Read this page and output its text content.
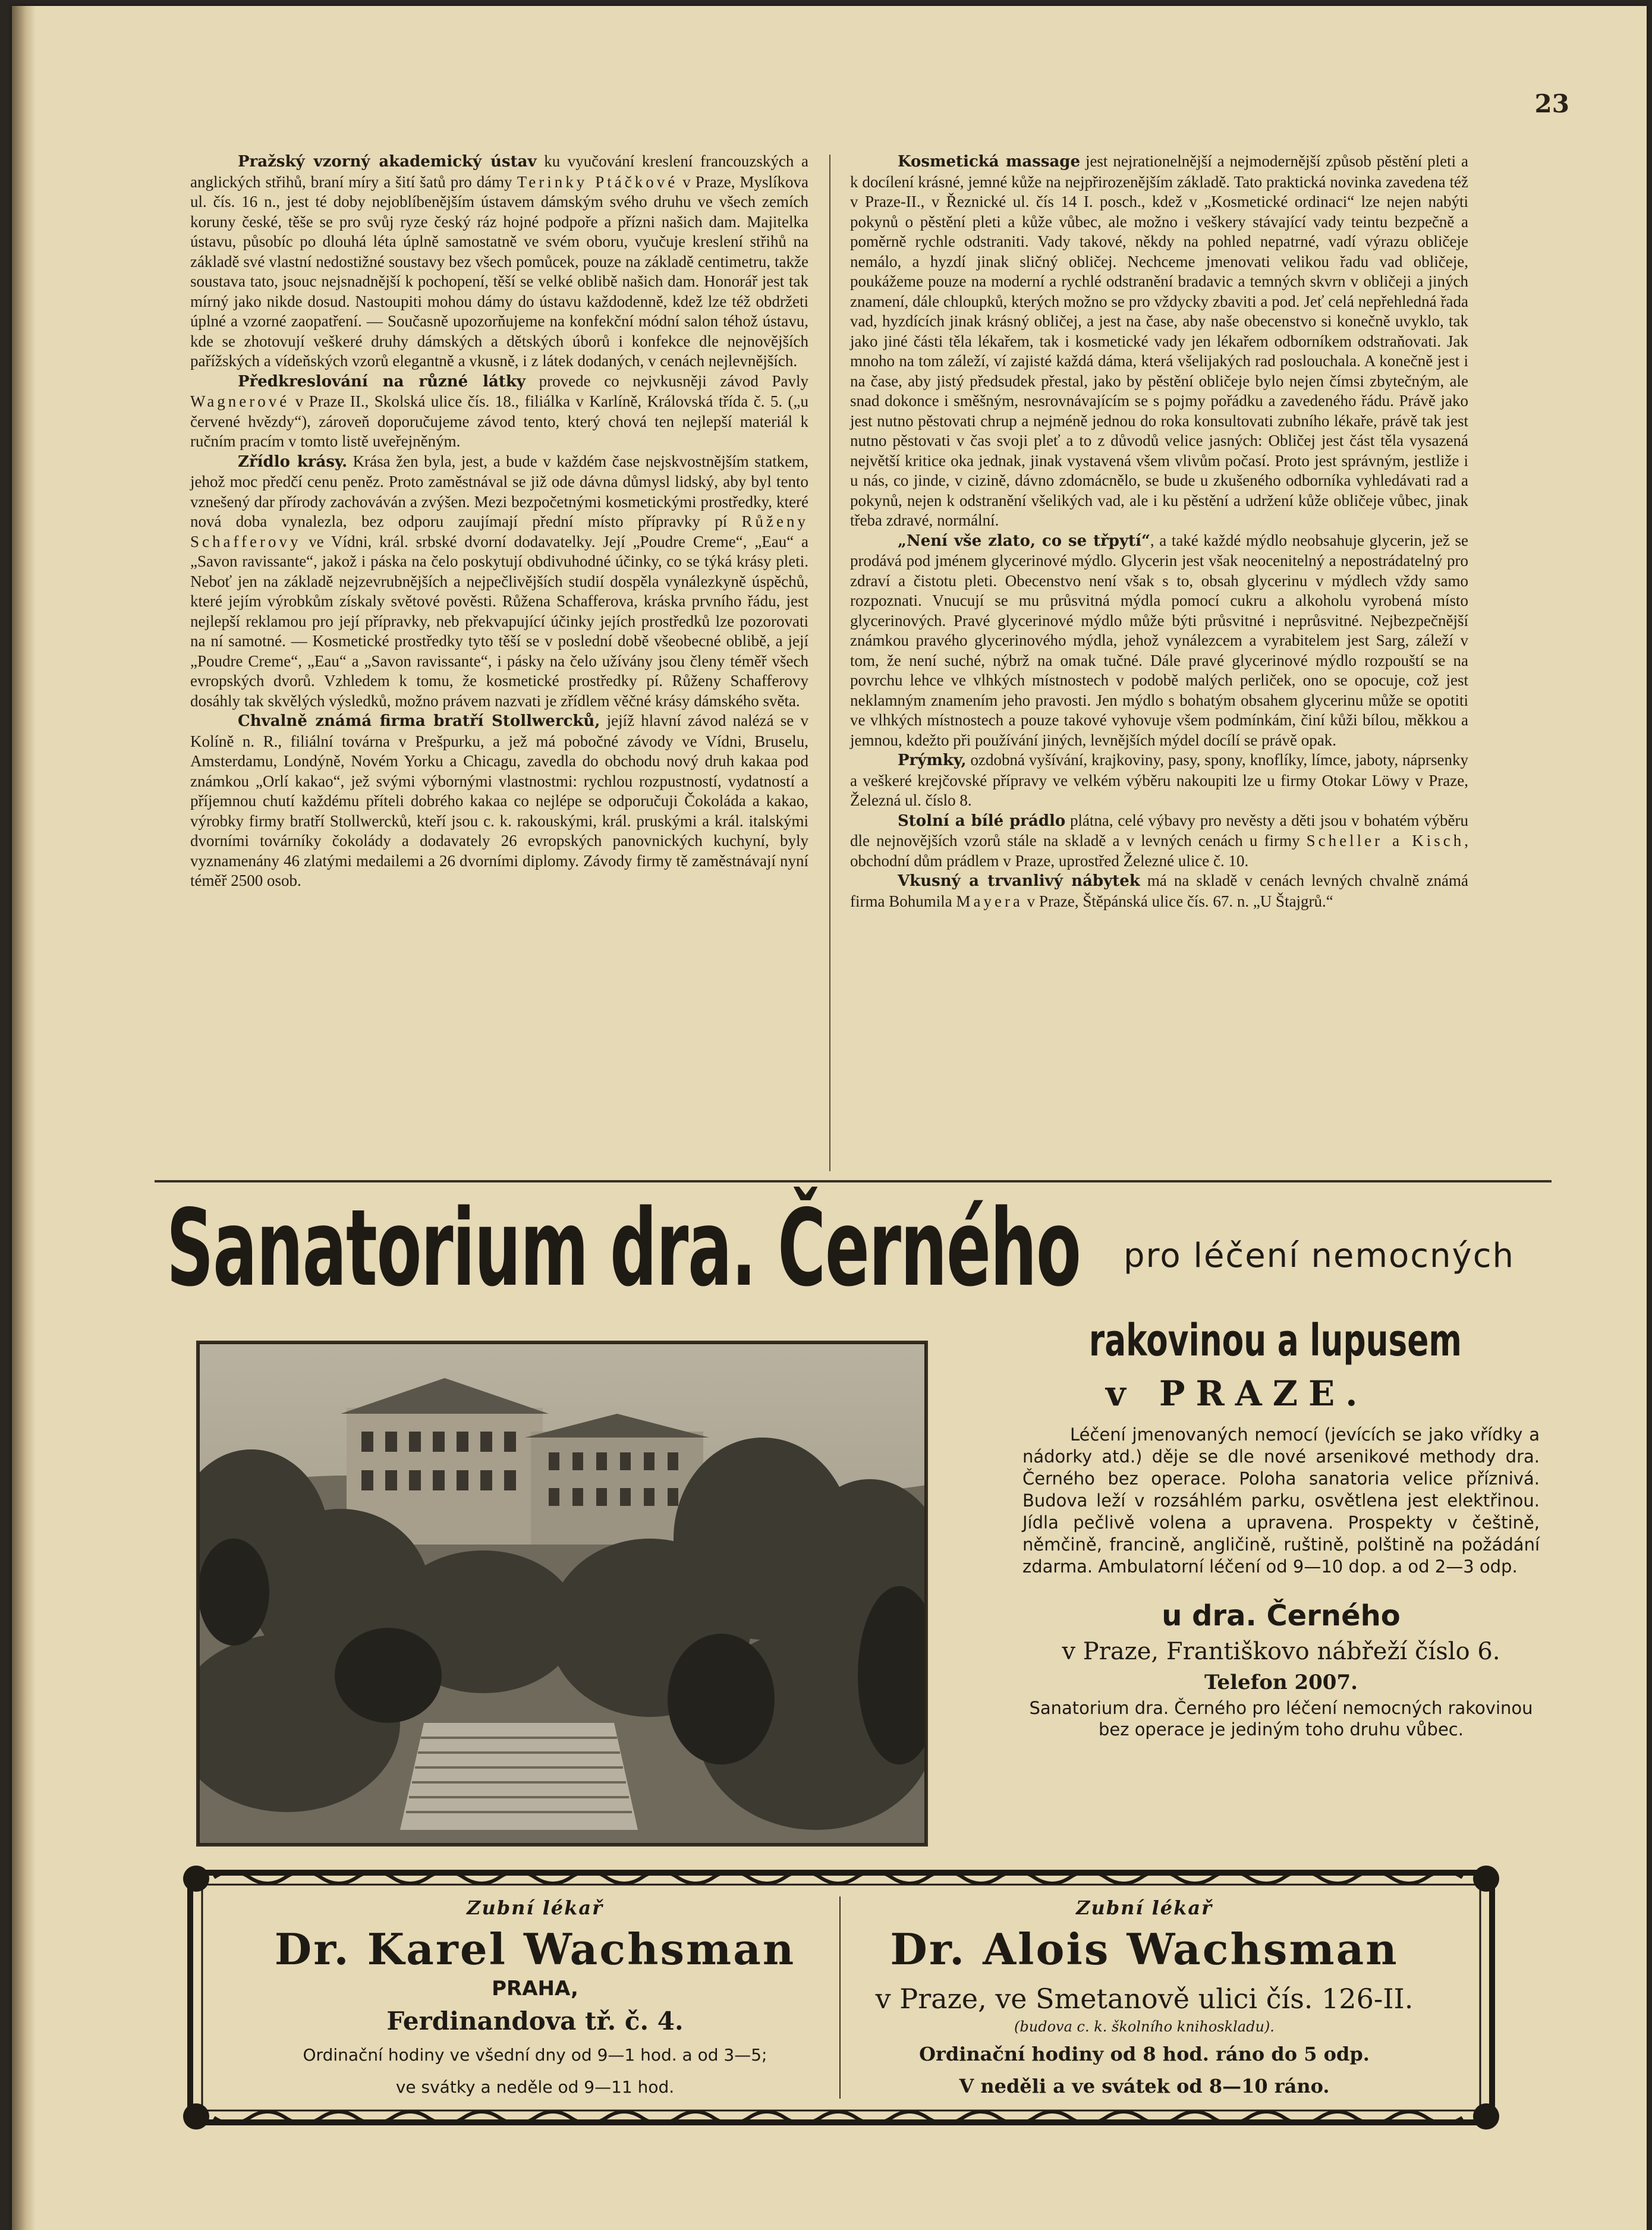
23

Pražský vzorný akademický ústav ku vyučování kreslení francouzských a anglických střihů, braní míry a šití šatů pro dámy Terinky Ptáčkové v Praze, Myslíkova ul. čís. 16 n., jest té doby nejoblíbenějším ústavem dámským svého druhu ve všech zemích koruny české, těše se pro svůj ryze český ráz hojné podpoře a přízni našich dam. Majitelka ústavu, působíc po dlouhá léta úplně samostatně ve svém oboru, vyučuje kreslení střihů na základě své vlastní nedostižné soustavy bez všech pomůcek, pouze na základě centimetru, takže soustava tato, jsouc nejsnadnější k pochopení, těší se velké oblibě našich dam. Honorář jest tak mírný jako nikde dosud. Nastoupiti mohou dámy do ústavu každodenně, kdež lze též obdržeti úplné a vzorné zaopatření. — Současně upozorňujeme na konfekční módní salon téhož ústavu, kde se zhotovují veškeré druhy dámských a dětských úborů i konfekce dle nejnovějších pařížských a vídeňských vzorů elegantně a vkusně, i z látek dodaných, v cenách nejlevnějších.

Předkreslování na různé látky provede co nejvkusněji závod Pavly Wagnerové v Praze II., Skolská ulice čís. 18., filiálka v Karlíně, Královská třída č. 5. („u červené hvězdy“), zároveň doporučujeme závod tento, který chová ten nejlepší materiál k ručním pracím v tomto listě uveřejněným.

Zřídlo krásy. Krása žen byla, jest, a bude v každém čase nejskvostnějším statkem, jehož moc předčí cenu peněz. Proto zaměstnával se již ode dávna důmysl lidský, aby byl tento vznešený dar přírody zachováván a zvýšen. Mezi bezpočetnými kosmetickými prostředky, které nová doba vynalezla, bez odporu zaujímají přední místo přípravky pí Růženy Schafferovy ve Vídni, král. srbské dvorní dodavatelky. Její „Poudre Creme“, „Eau“ a „Savon ravissante“, jakož i páska na čelo poskytují obdivuhodné účinky, co se týká krásy pleti. Neboť jen na základě nejzevrubnějších a nejpečlivějších studií dospěla vynálezkyně úspěchů, které jejím výrobkům získaly světové pověsti. Růžena Schafferova, kráska prvního řádu, jest nejlepší reklamou pro její přípravky, neb překvapující účinky jejích prostředků lze pozorovati na ní samotné. — Kosmetické prostředky tyto těší se v poslední době všeobecné oblibě, a její „Poudre Creme“, „Eau“ a „Savon ravissante“, i pásky na čelo užívány jsou členy téměř všech evropských dvorů. Vzhledem k tomu, že kosmetické prostředky pí. Růženy Schafferovy dosáhly tak skvělých výsledků, možno právem nazvati je zřídlem věčné krásy dámského světa.

Chvalně známá firma bratří Stollwercků, jejíž hlavní závod nalézá se v Kolíně n. R., filiální továrna v Prešpurku, a jež má pobočné závody ve Vídni, Bruselu, Amsterdamu, Londýně, Novém Yorku a Chicagu, zavedla do obchodu nový druh kakaa pod známkou „Orlí kakao“, jež svými výbornými vlastnostmi: rychlou rozpustností, vydatností a příjemnou chutí každému příteli dobrého kakaa co nejlépe se odporučuji Čokoláda a kakao, výrobky firmy bratří Stollwercků, kteří jsou c. k. rakouskými, král. pruskými a král. italskými dvorními továrníky čokolády a dodavately 26 evropských panovnických kuchyní, byly vyznamenány 46 zlatými medailemi a 26 dvorními diplomy. Závody firmy tě zaměstnávají nyní téměř 2500 osob.

Kosmetická massage jest nejrationelnější a nejmodernější způsob pěstění pleti a k docílení krásné, jemné kůže na nejpřirozenějším základě. Tato praktická novinka zavedena též v Praze-II., v Řeznické ul. čís 14 I. posch., kdež v „Kosmetické ordinaci“ lze nejen nabýti pokynů o pěstění pleti a kůže vůbec, ale možno i veškery stávající vady teintu bezpečně a poměrně rychle odstraniti. Vady takové, někdy na pohled nepatrné, vadí výrazu obličeje nemálo, a hyzdí jinak sličný obličej. Nechceme jmenovati velikou řadu vad obličeje, poukážeme pouze na moderní a rychlé odstranění bradavic a temných skvrn v obličeji a jiných znamení, dále chloupků, kterých možno se pro vždycky zbaviti a pod. Jeť celá nepřehledná řada vad, hyzdících jinak krásný obličej, a jest na čase, aby naše obecenstvo si konečně uvyklo, tak jako jiné části těla lékařem, tak i kosmetické vady jen lékařem odborníkem odstraňovati. Jak mnoho na tom záleží, ví zajisté každá dáma, která všelijakých rad poslouchala. A konečně jest i na čase, aby jistý předsudek přestal, jako by pěstění obličeje bylo nejen čímsi zbytečným, ale snad dokonce i směšným, nesrovnávajícím se s pojmy pořádku a zavedeného řádu. Právě jako jest nutno pěstovati chrup a nejméně jednou do roka konsultovati zubního lékaře, právě tak jest nutno pěstovati v čas svoji pleť a to z důvodů velice jasných: Obličej jest část těla vysazená největší kritice oka jednak, jinak vystavená všem vlivům počasí. Proto jest správným, jestliže i u nás, co jinde, v cizině, dávno zdomácnělo, se bude u zkušeného odborníka vyhledávati rad a pokynů, nejen k odstranění všelikých vad, ale i ku pěstění a udržení kůže obličeje vůbec, jinak třeba zdravé, normální.

„Není vše zlato, co se třpytí“, a také každé mýdlo neobsahuje glycerin, jež se prodává pod jménem glycerinové mýdlo. Glycerin jest však neocenitelný a nepostrádatelný pro zdraví a čistotu pleti. Obecenstvo není však s to, obsah glycerinu v mýdlech vždy samo rozpoznati. Vnucují se mu průsvitná mýdla pomocí cukru a alkoholu vyrobená místo glycerinových. Pravé glycerinové mýdlo může býti průsvitné i neprůsvitné. Nejbezpečnější známkou pravého glycerinového mýdla, jehož vynálezcem a vyrabitelem jest Sarg, záleží v tom, že není suché, nýbrž na omak tučné. Dále pravé glycerinové mýdlo rozpouští se na povrchu lehce ve vlhkých místnostech v podobě malých perliček, ono se opocuje, což jest neklamným znamením jeho pravosti. Jen mýdlo s bohatým obsahem glycerinu může se opotiti ve vlhkých místnostech a pouze takové vyhovuje všem podmínkám, činí kůži bílou, měkkou a jemnou, kdežto při používání jiných, levnějších mýdel docílí se právě opak.

Prýmky, ozdobná vyšívání, krajkoviny, pasy, spony, knoflíky, límce, jaboty, náprsenky a veškeré krejčovské přípravy ve velkém výběru nakoupiti lze u firmy Otokar Löwy v Praze, Železná ul. číslo 8.

Stolní a bílé prádlo plátna, celé výbavy pro nevěsty a děti jsou v bohatém výběru dle nejnovějších vzorů stále na skladě a v levných cenách u firmy Scheller a Kisch, obchodní dům prádlem v Praze, uprostřed Železné ulice č. 10.

Vkusný a trvanlivý nábytek má na skladě v cenách levných chvalně známá firma Bohumila Mayera v Praze, Štěpánská ulice čís. 67. n. „U Štajgrů.“

Sanatorium dra. Černého pro léčení nemocných
rakovinou a lupusem
v PRAZE.
Léčení jmenovaných nemocí (jevících se jako vřídky a nádorky atd.) děje se dle nové arsenikové methody dra. Černého bez operace. Poloha sanatoria velice příznivá. Budova leží v rozsáhlém parku, osvětlena jest elektřinou. Jídla pečlivě volena a upravena. Prospekty v češtině, němčině, francině, angličině, ruštině, polštině na požádání zdarma. Ambulatorní léčení od 9—10 dop. a od 2—3 odp.
u dra. Černého
v Praze, Františkovo nábřeží číslo 6.
Telefon 2007.
Sanatorium dra. Černého pro léčení nemocných rakovinou bez operace je jediným toho druhu vůbec.
Zubní lékař
Dr. Karel Wachsman
PRAHA,
Ferdinandova tř. č. 4.
Ordinační hodiny ve všední dny od 9—1 hod. a od 3—5;
ve svátky a neděle od 9—11 hod.
Zubní lékař
Dr. Alois Wachsman
v Praze, ve Smetanově ulici čís. 126-II.
(budova c. k. školního knihoskladu).
Ordinační hodiny od 8 hod. ráno do 5 odp.
V neděli a ve svátek od 8—10 ráno.
